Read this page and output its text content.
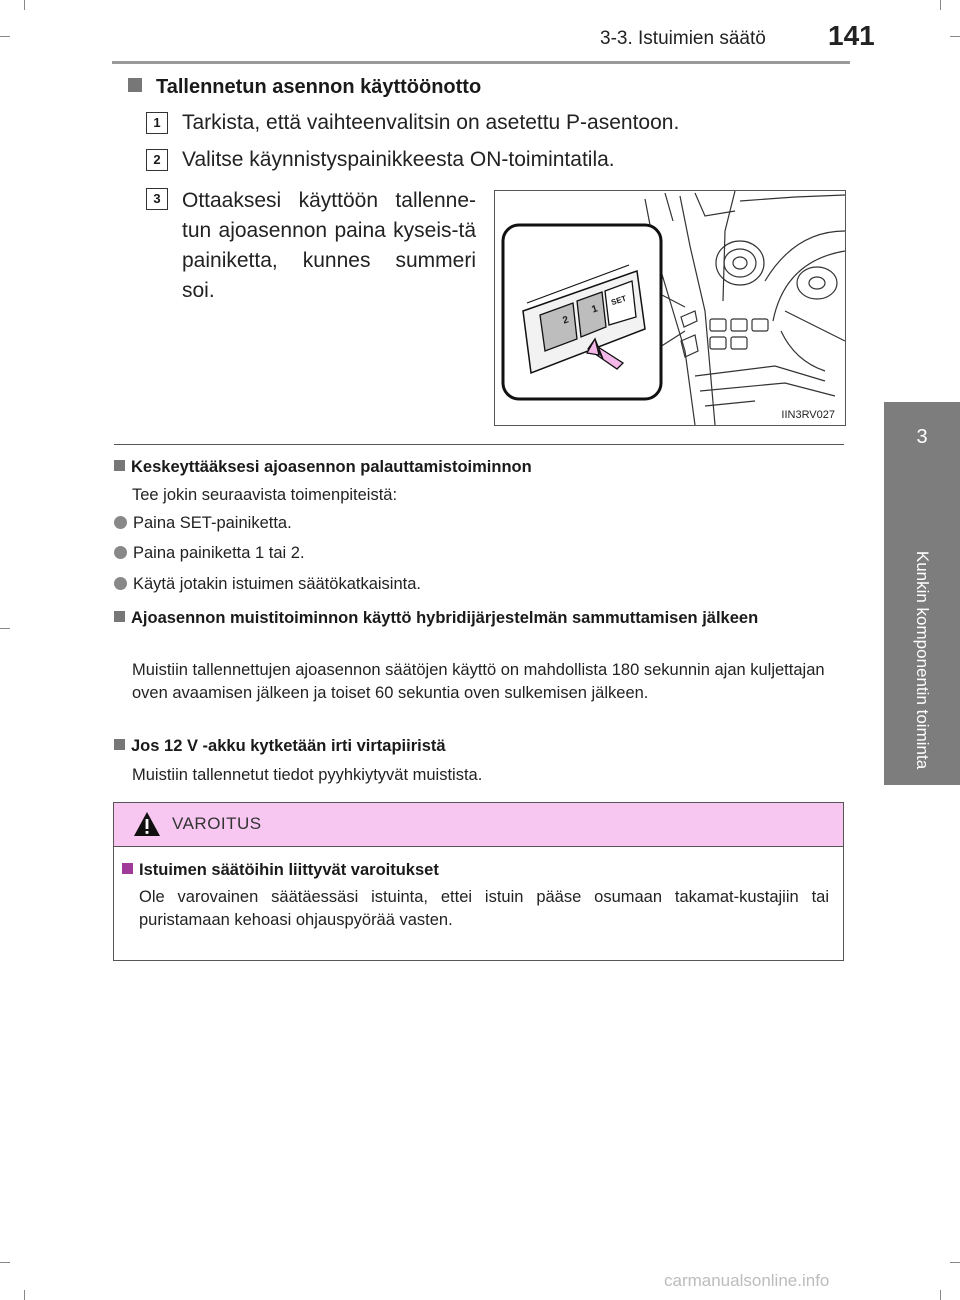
3-3. Istuimien säätö 141
3
Kunkin komponentin toiminta
Tallennetun asennon käyttöönotto
1	Tarkista, että vaihteenvalitsin on asetettu P-asentoon.
2	Valitse käynnistyspainikkeesta ON-toimintatila.
3	Ottaaksesi käyttöön tallenne-tun ajoasennon paina kyseis-tä painiketta, kunnes summeri soi.
2
1
SET
IIN3RV027
Keskeyttääksesi ajoasennon palauttamistoiminnon
Tee jokin seuraavista toimenpiteistä:
Paina SET-painiketta.
Paina painiketta 1 tai 2.
Käytä jotakin istuimen säätökatkaisinta.
Ajoasennon muistitoiminnon käyttö hybridijärjestelmän sammuttamisen jälkeen
Muistiin tallennettujen ajoasennon säätöjen käyttö on mahdollista 180 sekunnin ajan kuljettajan oven avaamisen jälkeen ja toiset 60 sekuntia oven sulkemisen jälkeen.
Jos 12 V -akku kytketään irti virtapiiristä
Muistiin tallennetut tiedot pyyhkiytyvät muistista.
VAROITUS
Istuimen säätöihin liittyvät varoitukset
Ole varovainen säätäessäsi istuinta, ettei istuin pääse osumaan takamat-kustajiin tai puristamaan kehoasi ohjauspyörää vasten.
carmanualsonline.info
